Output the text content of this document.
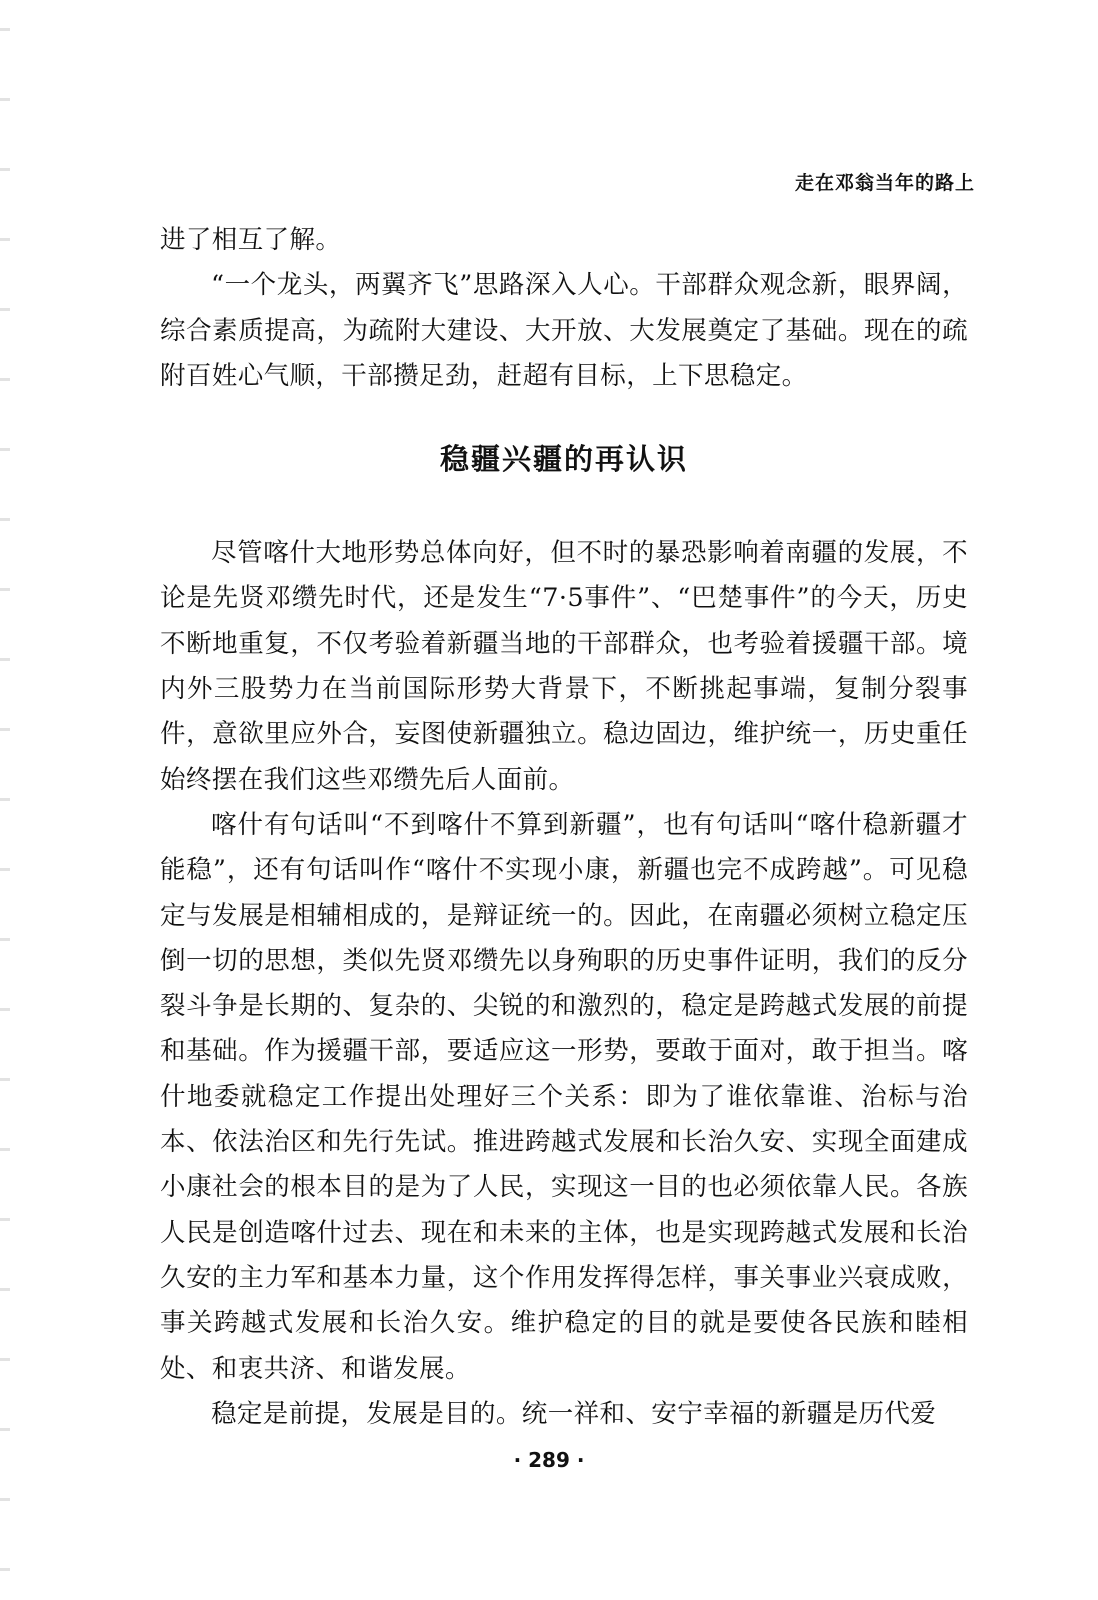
走在邓翁当年的路上

进了相互了解。

“一个龙头，两翼齐飞”思路深入人心。干部群众观念新，眼界阔，综合素质提高，为疏附大建设、大开放、大发展奠定了基础。现在的疏附百姓心气顺，干部攒足劲，赶超有目标，上下思稳定。

稳疆兴疆的再认识

尽管喀什大地形势总体向好，但不时的暴恐影响着南疆的发展，不论是先贤邓缵先时代，还是发生“7·5事件”、“巴楚事件”的今天，历史不断地重复，不仅考验着新疆当地的干部群众，也考验着援疆干部。境内外三股势力在当前国际形势大背景下，不断挑起事端，复制分裂事件，意欲里应外合，妄图使新疆独立。稳边固边，维护统一，历史重任始终摆在我们这些邓缵先后人面前。

喀什有句话叫“不到喀什不算到新疆”，也有句话叫“喀什稳新疆才能稳”，还有句话叫作“喀什不实现小康，新疆也完不成跨越”。可见稳定与发展是相辅相成的，是辩证统一的。因此，在南疆必须树立稳定压倒一切的思想，类似先贤邓缵先以身殉职的历史事件证明，我们的反分裂斗争是长期的、复杂的、尖锐的和激烈的，稳定是跨越式发展的前提和基础。作为援疆干部，要适应这一形势，要敢于面对，敢于担当。喀什地委就稳定工作提出处理好三个关系：即为了谁依靠谁、治标与治本、依法治区和先行先试。推进跨越式发展和长治久安、实现全面建成小康社会的根本目的是为了人民，实现这一目的也必须依靠人民。各族人民是创造喀什过去、现在和未来的主体，也是实现跨越式发展和长治久安的主力军和基本力量，这个作用发挥得怎样，事关事业兴衰成败，事关跨越式发展和长治久安。维护稳定的目的就是要使各民族和睦相处、和衷共济、和谐发展。

稳定是前提，发展是目的。统一祥和、安宁幸福的新疆是历代爱

· 289 ·
